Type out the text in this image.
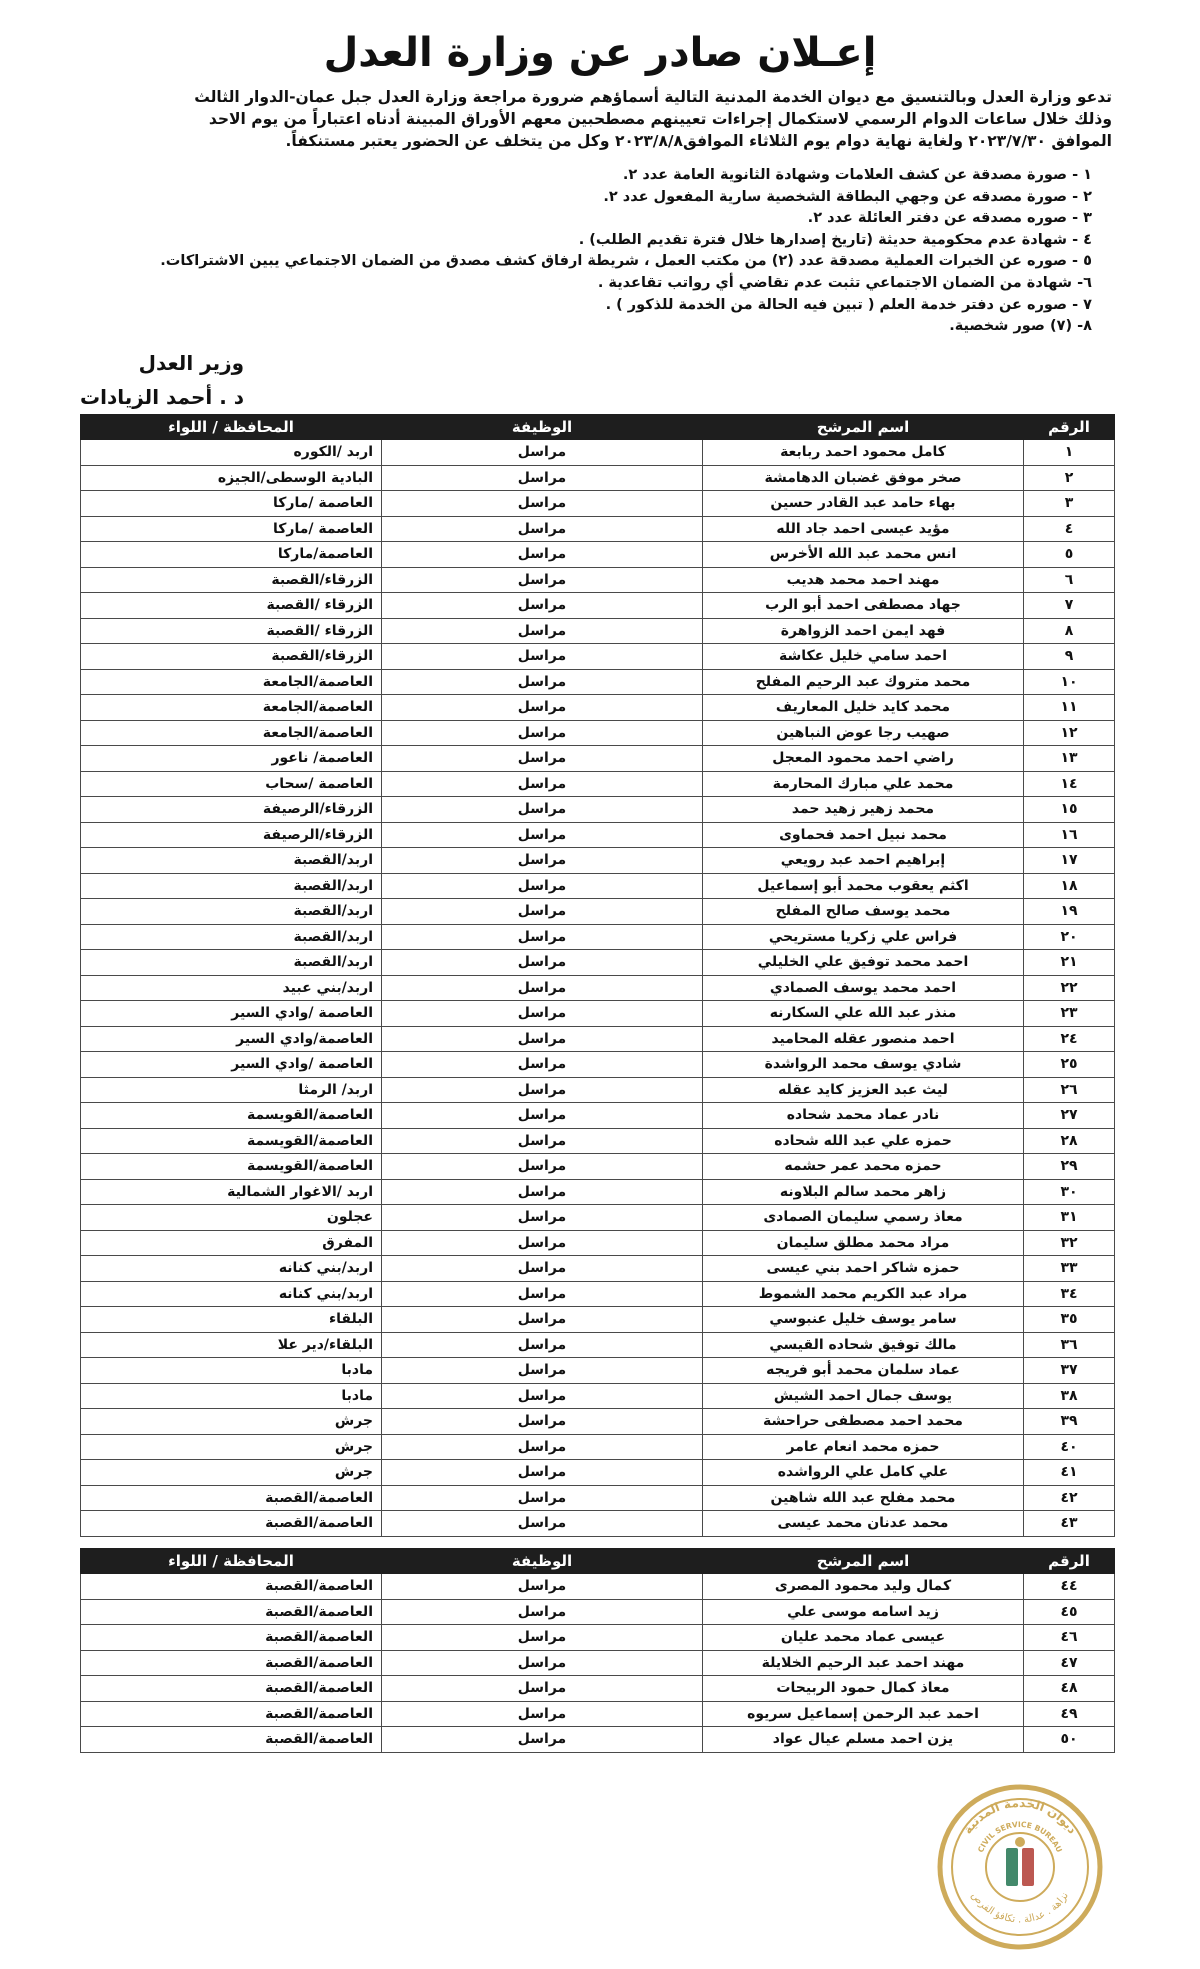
إعـلان صادر عن وزارة العدل

تدعو وزارة العدل وبالتنسيق مع ديوان الخدمة المدنية التالية أسماؤهم ضرورة مراجعة وزارة العدل جبل عمان-الدوار الثالث

وذلك خلال ساعات الدوام الرسمي لاستكمال إجراءات تعيينهم مصطحبين معهم الأوراق المبينة أدناه اعتباراً من يوم الاحد

الموافق ٢٠٢٣/٧/٣٠ ولغاية نهاية دوام يوم الثلاثاء الموافق٢٠٢٣/٨/٨ وكل من يتخلف عن الحضور يعتبر مستنكفاً.

١ - صورة مصدقة عن كشف العلامات وشهادة الثانوية العامة عدد ٢.
٢ - صورة مصدقه عن وجهي البطاقة الشخصية سارية المفعول عدد ٢.
٣ - صوره مصدقه عن دفتر العائلة عدد ٢.
٤ - شهادة عدم محكومية حديثة (تاريخ إصدارها خلال فترة تقديم الطلب) .
٥ - صوره عن الخبرات العملية مصدقة عدد (٢) من مكتب العمل ، شريطة ارفاق كشف مصدق من الضمان الاجتماعي يبين الاشتراكات.
٦- شهادة من الضمان الاجتماعي تثبت عدم تقاضي أي رواتب تقاعدية .
٧ - صوره عن دفتر خدمة العلم ( تبين فيه الحالة من الخدمة للذكور ) .
٨- (٧) صور شخصية.
وزير العدل
د . أحمد الزيادات
الرقم	اسم المرشح	الوظيفة	المحافظة / اللواء
١	كامل محمود احمد ربابعة	مراسل	اربد /الكوره
٢	صخر موفق غضبان الدهامشة	مراسل	البادية الوسطى/الجيزه
٣	بهاء حامد عبد القادر حسين	مراسل	العاصمة /ماركا
٤	مؤيد عيسى احمد جاد الله	مراسل	العاصمة /ماركا
٥	انس محمد عبد الله الأخرس	مراسل	العاصمة/ماركا
٦	مهند احمد محمد هديب	مراسل	الزرقاء/القصبة
٧	جهاد مصطفى احمد أبو الرب	مراسل	الزرقاء /القصبة
٨	فهد ايمن احمد الزواهرة	مراسل	الزرقاء /القصبة
٩	احمد سامي خليل عكاشة	مراسل	الزرقاء/القصبة
١٠	محمد متروك عبد الرحيم المفلح	مراسل	العاصمة/الجامعة
١١	محمد كايد خليل المعاريف	مراسل	العاصمة/الجامعة
١٢	صهيب رجا عوض النباهين	مراسل	العاصمة/الجامعة
١٣	راضي احمد محمود المعجل	مراسل	العاصمة/ ناعور
١٤	محمد علي مبارك المحارمة	مراسل	العاصمة /سحاب
١٥	محمد زهير زهيد حمد	مراسل	الزرقاء/الرصيفة
١٦	محمد نبيل احمد فحماوى	مراسل	الزرقاء/الرصيفة
١٧	إبراهيم احمد عبد رويعي	مراسل	اربد/القصبة
١٨	اكثم يعقوب محمد أبو إسماعيل	مراسل	اربد/القصبة
١٩	محمد يوسف صالح المفلح	مراسل	اربد/القصبة
٢٠	فراس علي زكريا مستريحي	مراسل	اربد/القصبة
٢١	احمد محمد توفيق علي الخليلي	مراسل	اربد/القصبة
٢٢	احمد محمد يوسف الصمادي	مراسل	اربد/بني عبيد
٢٣	منذر عبد الله علي السكارنه	مراسل	العاصمة /وادي السير
٢٤	احمد منصور عقله المحاميد	مراسل	العاصمة/وادي السير
٢٥	شادي يوسف محمد الرواشدة	مراسل	العاصمة /وادي السير
٢٦	ليث عبد العزيز كايد عقله	مراسل	اربد/ الرمثا
٢٧	نادر عماد محمد شحاده	مراسل	العاصمة/القويسمة
٢٨	حمزه علي عبد الله شحاده	مراسل	العاصمة/القويسمة
٢٩	حمزه محمد عمر حشمه	مراسل	العاصمة/القويسمة
٣٠	زاهر محمد سالم البلاونه	مراسل	اربد /الاغوار الشمالية
٣١	معاذ رسمي سليمان الصمادى	مراسل	عجلون
٣٢	مراد محمد مطلق سليمان	مراسل	المفرق
٣٣	حمزه شاكر احمد بني عيسى	مراسل	اربد/بني كنانه
٣٤	مراد عبد الكريم محمد الشموط	مراسل	اربد/بني كنانه
٣٥	سامر يوسف خليل عنبوسي	مراسل	البلقاء
٣٦	مالك توفيق شحاده القيسي	مراسل	البلقاء/دير علا
٣٧	عماد سلمان محمد أبو فريجه	مراسل	مادبا
٣٨	يوسف جمال احمد الشيش	مراسل	مادبا
٣٩	محمد احمد مصطفى حراحشة	مراسل	جرش
٤٠	حمزه محمد انعام عامر	مراسل	جرش
٤١	علي كامل علي الرواشده	مراسل	جرش
٤٢	محمد مفلح عبد الله شاهين	مراسل	العاصمة/القصبة
٤٣	محمد عدنان محمد عيسى	مراسل	العاصمة/القصبة
الرقم	اسم المرشح	الوظيفة	المحافظة / اللواء
٤٤	كمال وليد محمود المصرى	مراسل	العاصمة/القصبة
٤٥	زيد اسامه موسى علي	مراسل	العاصمة/القصبة
٤٦	عيسى عماد محمد عليان	مراسل	العاصمة/القصبة
٤٧	مهند احمد عبد الرحيم الخلايلة	مراسل	العاصمة/القصبة
٤٨	معاذ كمال حمود الربيحات	مراسل	العاصمة/القصبة
٤٩	احمد عبد الرحمن إسماعيل سريوه	مراسل	العاصمة/القصبة
٥٠	يزن احمد مسلم عيال عواد	مراسل	العاصمة/القصبة
ديوان الخدمة المدنية
CIVIL SERVICE BUREAU
نزاهة . عدالة . تكافؤ الفرص
